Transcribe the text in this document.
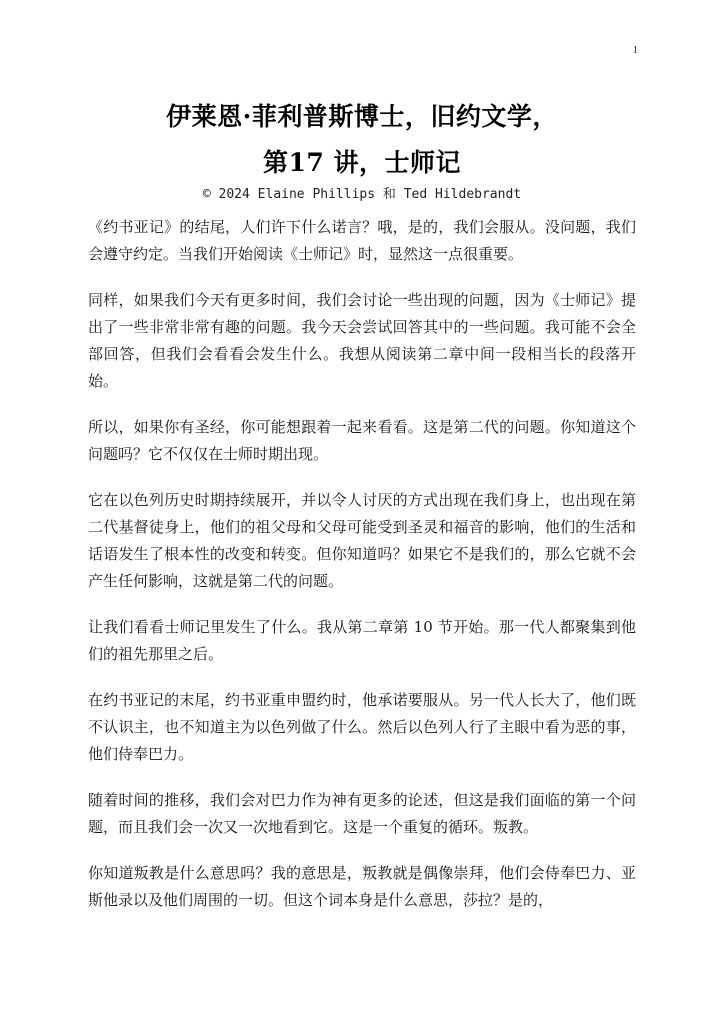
1
伊莱恩·菲利普斯博士，旧约文学，
第17 讲，士师记
© 2024 Elaine Phillips 和 Ted Hildebrandt

《约书亚记》的结尾，人们许下什么诺言？哦，是的，我们会服从。没问题，我们会遵守约定。当我们开始阅读《士师记》时，显然这一点很重要。

同样，如果我们今天有更多时间，我们会讨论一些出现的问题，因为《士师记》提出了一些非常非常有趣的问题。我今天会尝试回答其中的一些问题。我可能不会全部回答，但我们会看看会发生什么。我想从阅读第二章中间一段相当长的段落开始。

所以，如果你有圣经，你可能想跟着一起来看看。这是第二代的问题。你知道这个问题吗？它不仅仅在士师时期出现。

它在以色列历史时期持续展开，并以令人讨厌的方式出现在我们身上，也出现在第二代基督徒身上，他们的祖父母和父母可能受到圣灵和福音的影响，他们的生活和话语发生了根本性的改变和转变。但你知道吗？如果它不是我们的，那么它就不会产生任何影响，这就是第二代的问题。

让我们看看士师记里发生了什么。我从第二章第 10 节开始。那一代人都聚集到他们的祖先那里之后。

在约书亚记的末尾，约书亚重申盟约时，他承诺要服从。另一代人长大了，他们既不认识主，也不知道主为以色列做了什么。然后以色列人行了主眼中看为恶的事，他们侍奉巴力。

随着时间的推移，我们会对巴力作为神有更多的论述，但这是我们面临的第一个问题，而且我们会一次又一次地看到它。这是一个重复的循环。叛教。

你知道叛教是什么意思吗？我的意思是，叛教就是偶像崇拜，他们会侍奉巴力、亚斯他录以及他们周围的一切。但这个词本身是什么意思，莎拉？是的，
